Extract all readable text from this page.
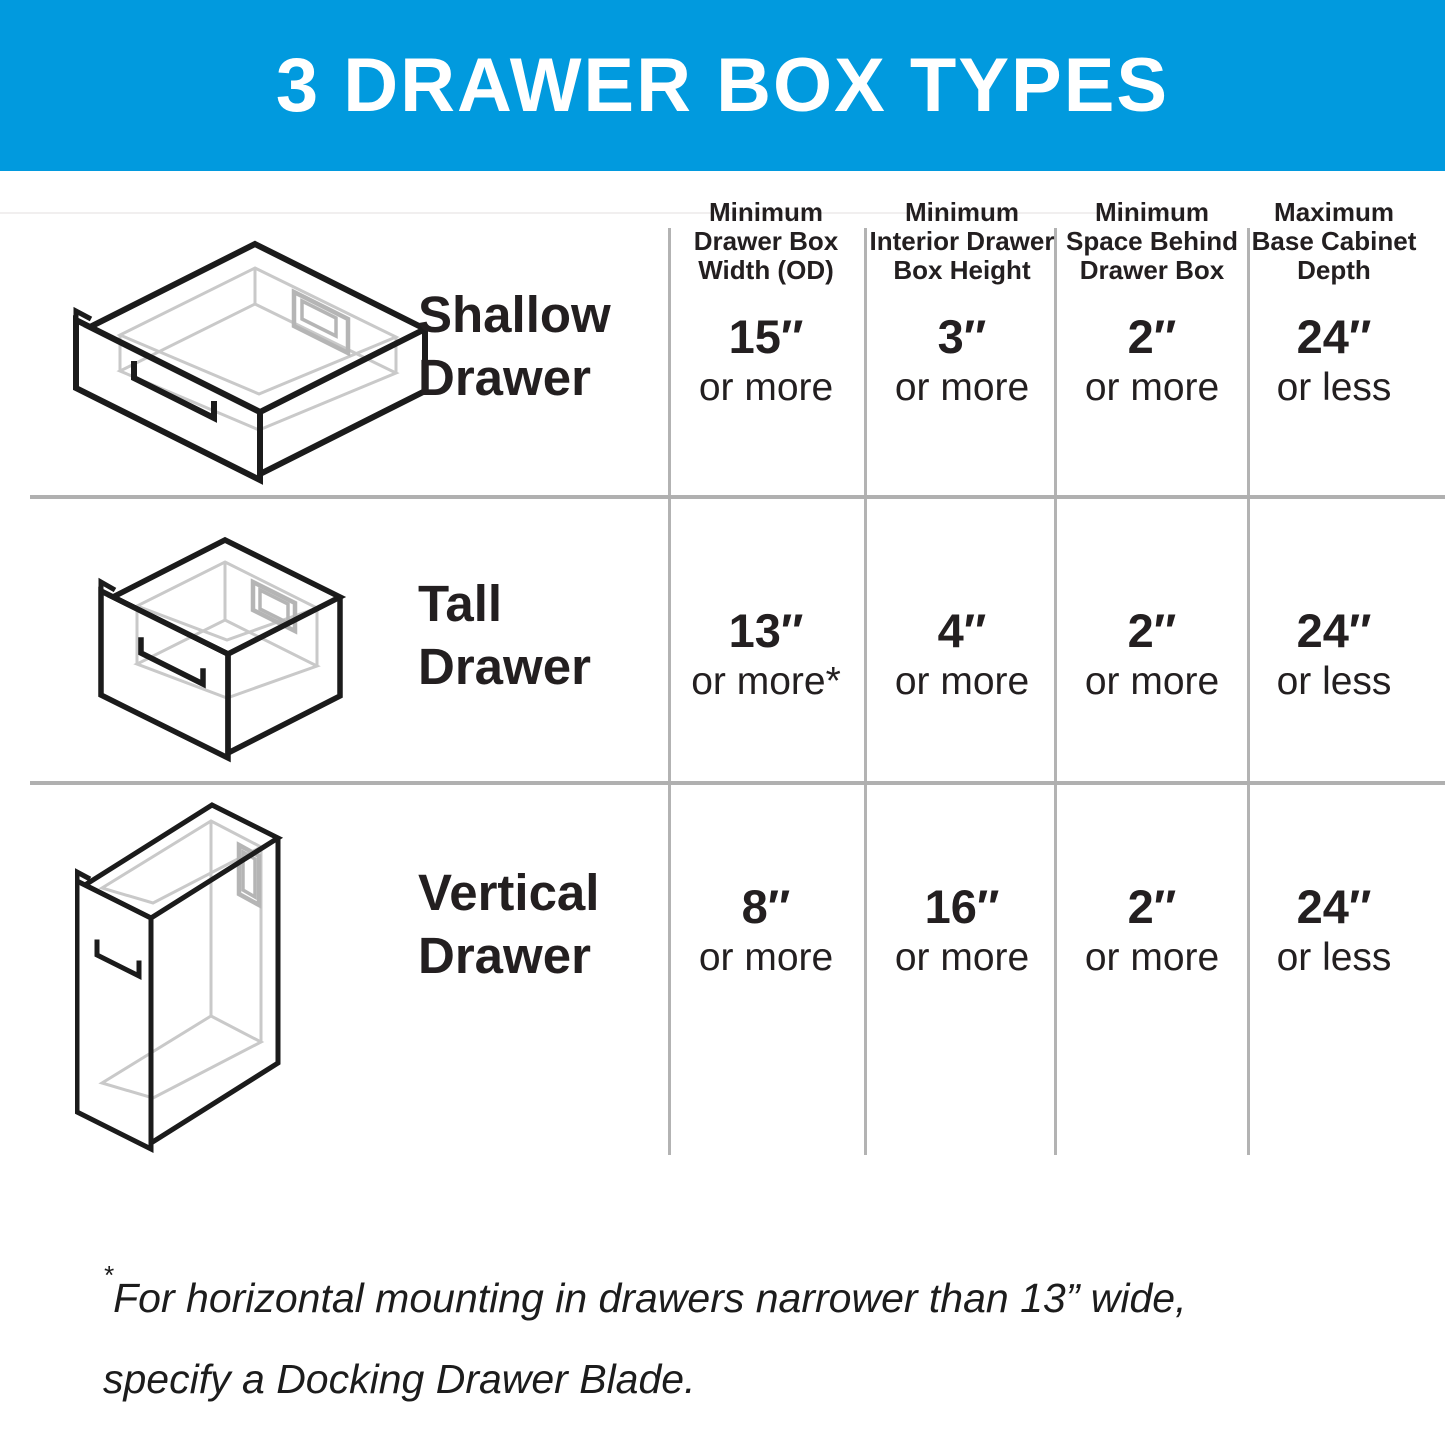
3 DRAWER BOX TYPES
Minimum
Drawer Box
Width (OD)
Minimum
Interior Drawer
Box Height
Minimum
Space Behind
Drawer Box
Maximum
Base Cabinet
Depth
Shallow
Drawer
15″
or more
3″
or more
2″
or more
24″
or less
Tall
Drawer
13″
or more*
4″
or more
2″
or more
24″
or less
Vertical
Drawer
8″
or more
16″
or more
2″
or more
24″
or less
*For horizontal mounting in drawers narrower than 13” wide,
specify a Docking Drawer Blade.
